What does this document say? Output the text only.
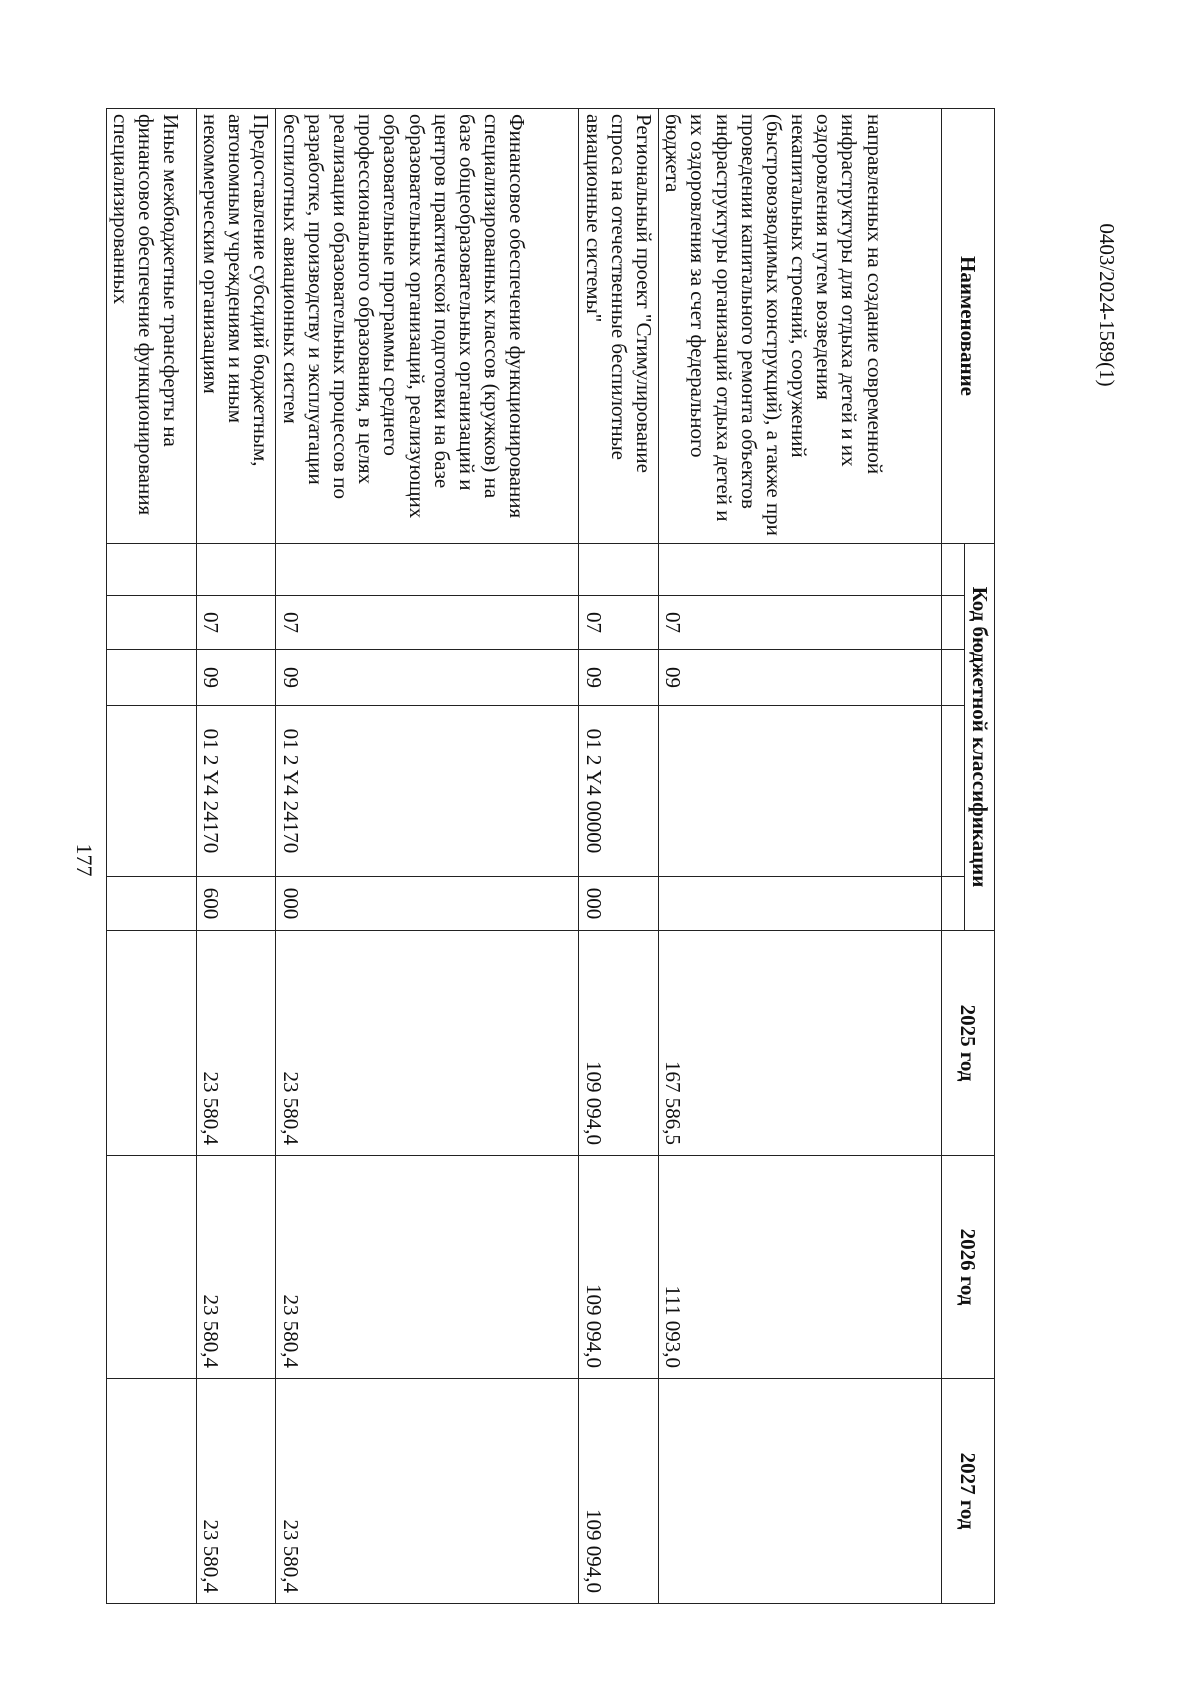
177
Наименование	Код бюджетной классификации					2025 год	2026 год	2027 год

направленных на создание современной инфраструктуры для отдыха детей и их оздоровления путем возведения некапитальных строений, сооружений (быстровозводимых конструкций), а также при проведении капитального ремонта объектов инфраструктуры организаций отдыха детей и их оздоровления за счет федерального бюджета		07	09			167 586,5	111 093,0	
Региональный проект "Стимулирование спроса на отечественные беспилотные авиационные системы"		07	09	01 2 Y4 00000	000	109 094,0	109 094,0	109 094,0
Финансовое обеспечение функционирования специализированных классов (кружков) на базе общеобразовательных организаций и центров практической подготовки на базе образовательных организаций, реализующих образовательные программы среднего профессионального образования, в целях реализации образовательных процессов по разработке, производству и эксплуатации беспилотных авиационных систем		07	09	01 2 Y4 24170	000	23 580,4	23 580,4	23 580,4
Предоставление субсидий бюджетным, автономным учреждениям и иным некоммерческим организациям		07	09	01 2 Y4 24170	600	23 580,4	23 580,4	23 580,4
Иные межбюджетные трансферты на финансовое обеспечение функционирования специализированных								
0403/2024-1589(1)
